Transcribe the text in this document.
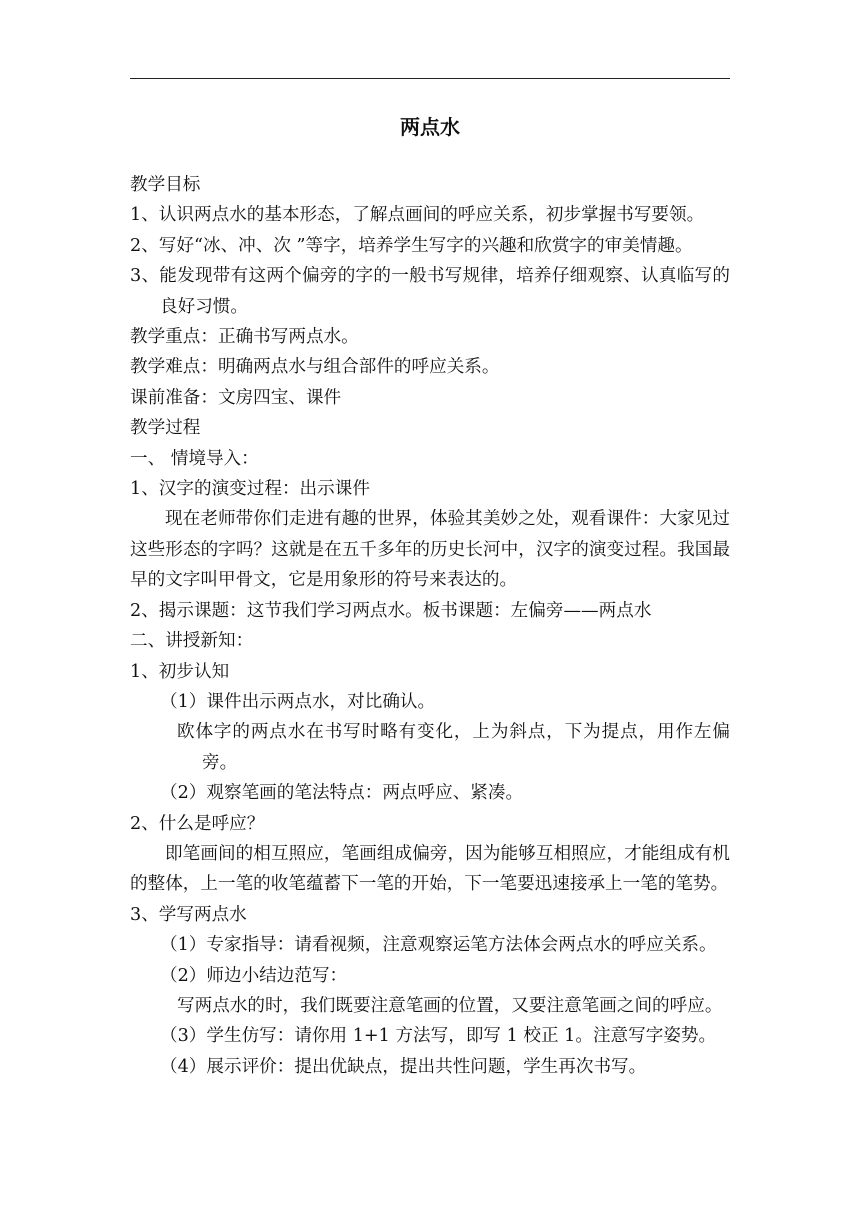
两点水

教学目标

1、认识两点水的基本形态，了解点画间的呼应关系，初步掌握书写要领。

2、写好“冰、冲、次 ”等字，培养学生写字的兴趣和欣赏字的审美情趣。

3、能发现带有这两个偏旁的字的一般书写规律，培养仔细观察、认真临写的良好习惯。

教学重点：正确书写两点水。

教学难点：明确两点水与组合部件的呼应关系。

课前准备：文房四宝、课件

教学过程

一、 情境导入：

1、汉字的演变过程：出示课件

现在老师带你们走进有趣的世界，体验其美妙之处，观看课件：大家见过这些形态的字吗？这就是在五千多年的历史长河中，汉字的演变过程。我国最早的文字叫甲骨文，它是用象形的符号来表达的。

2、揭示课题：这节我们学习两点水。板书课题：左偏旁——两点水

二、讲授新知：

1、初步认知

（1）课件出示两点水，对比确认。

欧体字的两点水在书写时略有变化，上为斜点，下为提点，用作左偏旁。

（2）观察笔画的笔法特点：两点呼应、紧凑。

2、什么是呼应？

即笔画间的相互照应，笔画组成偏旁，因为能够互相照应，才能组成有机的整体，上一笔的收笔蕴蓄下一笔的开始，下一笔要迅速接承上一笔的笔势。

3、学写两点水

（1）专家指导：请看视频，注意观察运笔方法体会两点水的呼应关系。

（2）师边小结边范写：

写两点水的时，我们既要注意笔画的位置，又要注意笔画之间的呼应。

（3）学生仿写：请你用 1+1 方法写，即写 1 校正 1。注意写字姿势。

（4）展示评价：提出优缺点，提出共性问题，学生再次书写。
